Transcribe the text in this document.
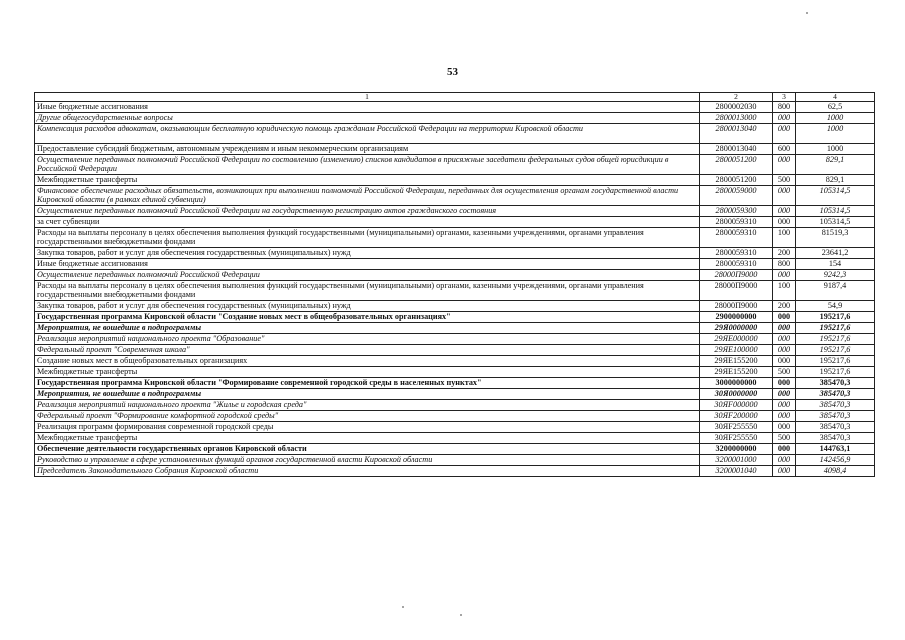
53
1	2	3	4
Иные бюджетные ассигнования	2800002030	800	62,5
Другие общегосударственные вопросы	2800013000	000	1000
Компенсация расходов адвокатам, оказывающим бесплатную юридическую помощь гражданам Российской Федерации на территории Кировской области	2800013040	000	1000
Предоставление субсидий бюджетным, автономным учреждениям и иным некоммерческим организациям	2800013040	600	1000
Осуществление переданных полномочий Российской Федерации по составлению (изменению) списков кандидатов в присяжные заседатели федеральных судов общей юрисдикции в Российской Федерации	2800051200	000	829,1
Межбюджетные трансферты	2800051200	500	829,1
Финансовое обеспечение расходных обязательств, возникающих при выполнении полномочий Российской Федерации, переданных для осуществления органам государственной власти Кировской области (в рамках единой субвенции)	2800059000	000	105314,5
Осуществление переданных полномочий Российской Федерации на государственную регистрацию актов гражданского состояния	2800059300	000	105314,5
за счет субвенции	2800059310	000	105314,5
Расходы на выплаты персоналу в целях обеспечения выполнения функций государственными (муниципальными) органами, казенными учреждениями, органами управления государственными внебюджетными фондами	2800059310	100	81519,3
Закупка товаров, работ и услуг для обеспечения государственных (муниципальных) нужд	2800059310	200	23641,2
Иные бюджетные ассигнования	2800059310	800	154
Осуществление переданных полномочий Российской Федерации	28000П9000	000	9242,3
Расходы на выплаты персоналу в целях обеспечения выполнения функций государственными (муниципальными) органами, казенными учреждениями, органами управления государственными внебюджетными фондами	28000П9000	100	9187,4
Закупка товаров, работ и услуг для обеспечения государственных (муниципальных) нужд	28000П9000	200	54,9
Государственная программа Кировской области "Создание новых мест в общеобразовательных организациях"	2900000000	000	195217,6
Мероприятия, не вошедшие в подпрограммы	29Я0000000	000	195217,6
Реализация мероприятий национального проекта "Образование"	29ЯЕ000000	000	195217,6
Федеральный проект "Современная школа"	29ЯЕ100000	000	195217,6
Создание новых мест в общеобразовательных организациях	29ЯЕ155200	000	195217,6
Межбюджетные трансферты	29ЯЕ155200	500	195217,6
Государственная программа Кировской области "Формирование современной городской среды в населенных пунктах"	3000000000	000	385470,3
Мероприятия, не вошедшие в подпрограммы	30Я0000000	000	385470,3
Реализация мероприятий национального проекта "Жилье и городская среда"	30ЯF000000	000	385470,3
Федеральный проект "Формирование комфортной городской среды"	30ЯF200000	000	385470,3
Реализация программ формирования современной городской среды	30ЯF255550	000	385470,3
Межбюджетные трансферты	30ЯF255550	500	385470,3
Обеспечение деятельности государственных органов Кировской области	3200000000	000	144763,1
Руководство и управление в сфере установленных функций органов государственной власти Кировской области	3200001000	000	142456,9
Председатель Законодательного Собрания Кировской области	3200001040	000	4098,4
